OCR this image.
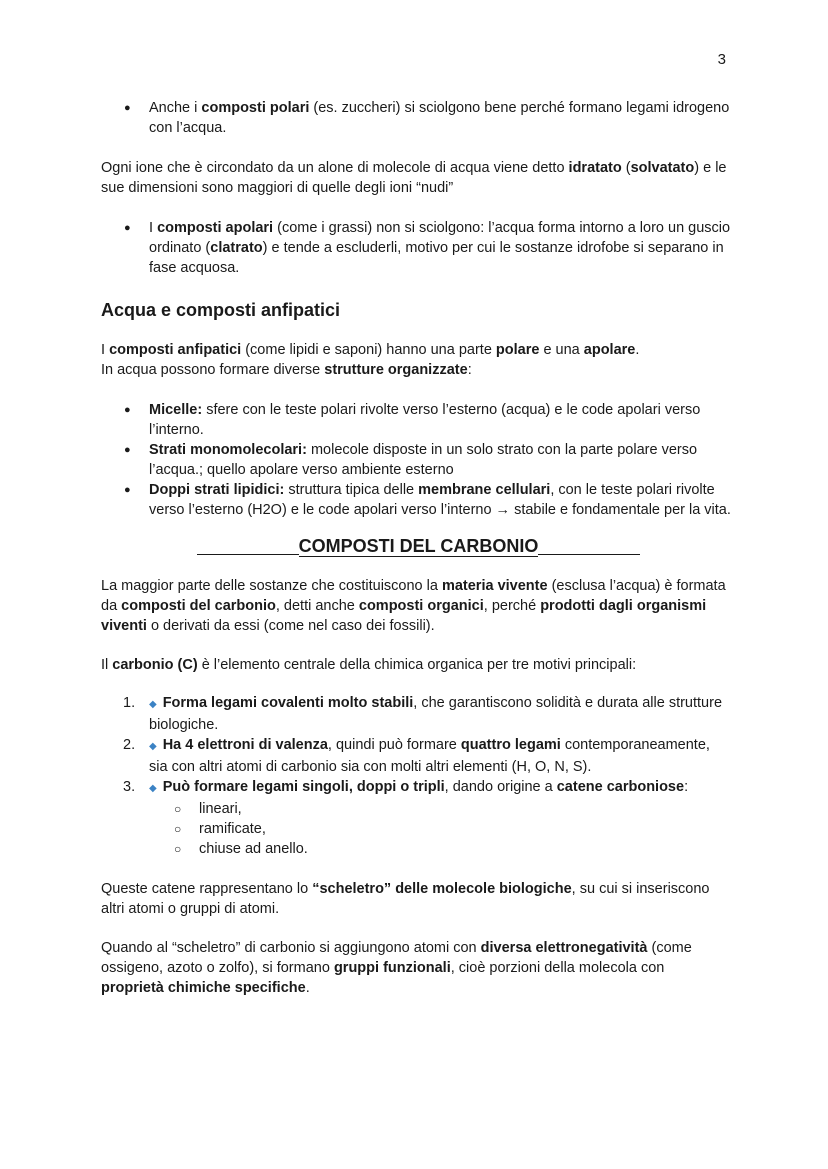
3
● Anche i composti polari (es. zuccheri) si sciolgono bene perché formano legami idrogeno con l’acqua.

Ogni ione che è circondato da un alone di molecole di acqua viene detto idratato (solvatato) e le sue dimensioni sono maggiori di quelle degli ioni “nudi”

● I composti apolari (come i grassi) non si sciolgono: l’acqua forma intorno a loro un guscio ordinato (clatrato) e tende a escluderli, motivo per cui le sostanze idrofobe si separano in fase acquosa.
Acqua e composti anfipatici

I composti anfipatici (come lipidi e saponi) hanno una parte polare e una apolare.

In acqua possono formare diverse strutture organizzate:

● Micelle: sfere con le teste polari rivolte verso l’esterno (acqua) e le code apolari verso l’interno.
● Strati monomolecolari: molecole disposte in un solo strato con la parte polare verso l’acqua.; quello apolare verso ambiente esterno
● Doppi strati lipidici: struttura tipica delle membrane cellulari, con le teste polari rivolte verso l’esterno (H2O) e le code apolari verso l’interno → stabile e fondamentale per la vita.
COMPOSTI DEL CARBONIO

La maggior parte delle sostanze che costituiscono la materia vivente (esclusa l’acqua) è formata da composti del carbonio, detti anche composti organici, perché prodotti dagli organismi viventi o derivati da essi (come nel caso dei fossili).

Il carbonio (C) è l’elemento centrale della chimica organica per tre motivi principali:

1. ◆ Forma legami covalenti molto stabili, che garantiscono solidità e durata alle strutture biologiche.
2. ◆ Ha 4 elettroni di valenza, quindi può formare quattro legami contemporaneamente, sia con altri atomi di carbonio sia con molti altri elementi (H, O, N, S).
3. ◆ Può formare legami singoli, doppi o tripli, dando origine a catene carboniose:
○ lineari,
○ ramificate,
○ chiuse ad anello.

Queste catene rappresentano lo “scheletro” delle molecole biologiche, su cui si inseriscono altri atomi o gruppi di atomi.

Quando al “scheletro” di carbonio si aggiungono atomi con diversa elettronegatività (come ossigeno, azoto o zolfo), si formano gruppi funzionali, cioè porzioni della molecola con proprietà chimiche specifiche.
